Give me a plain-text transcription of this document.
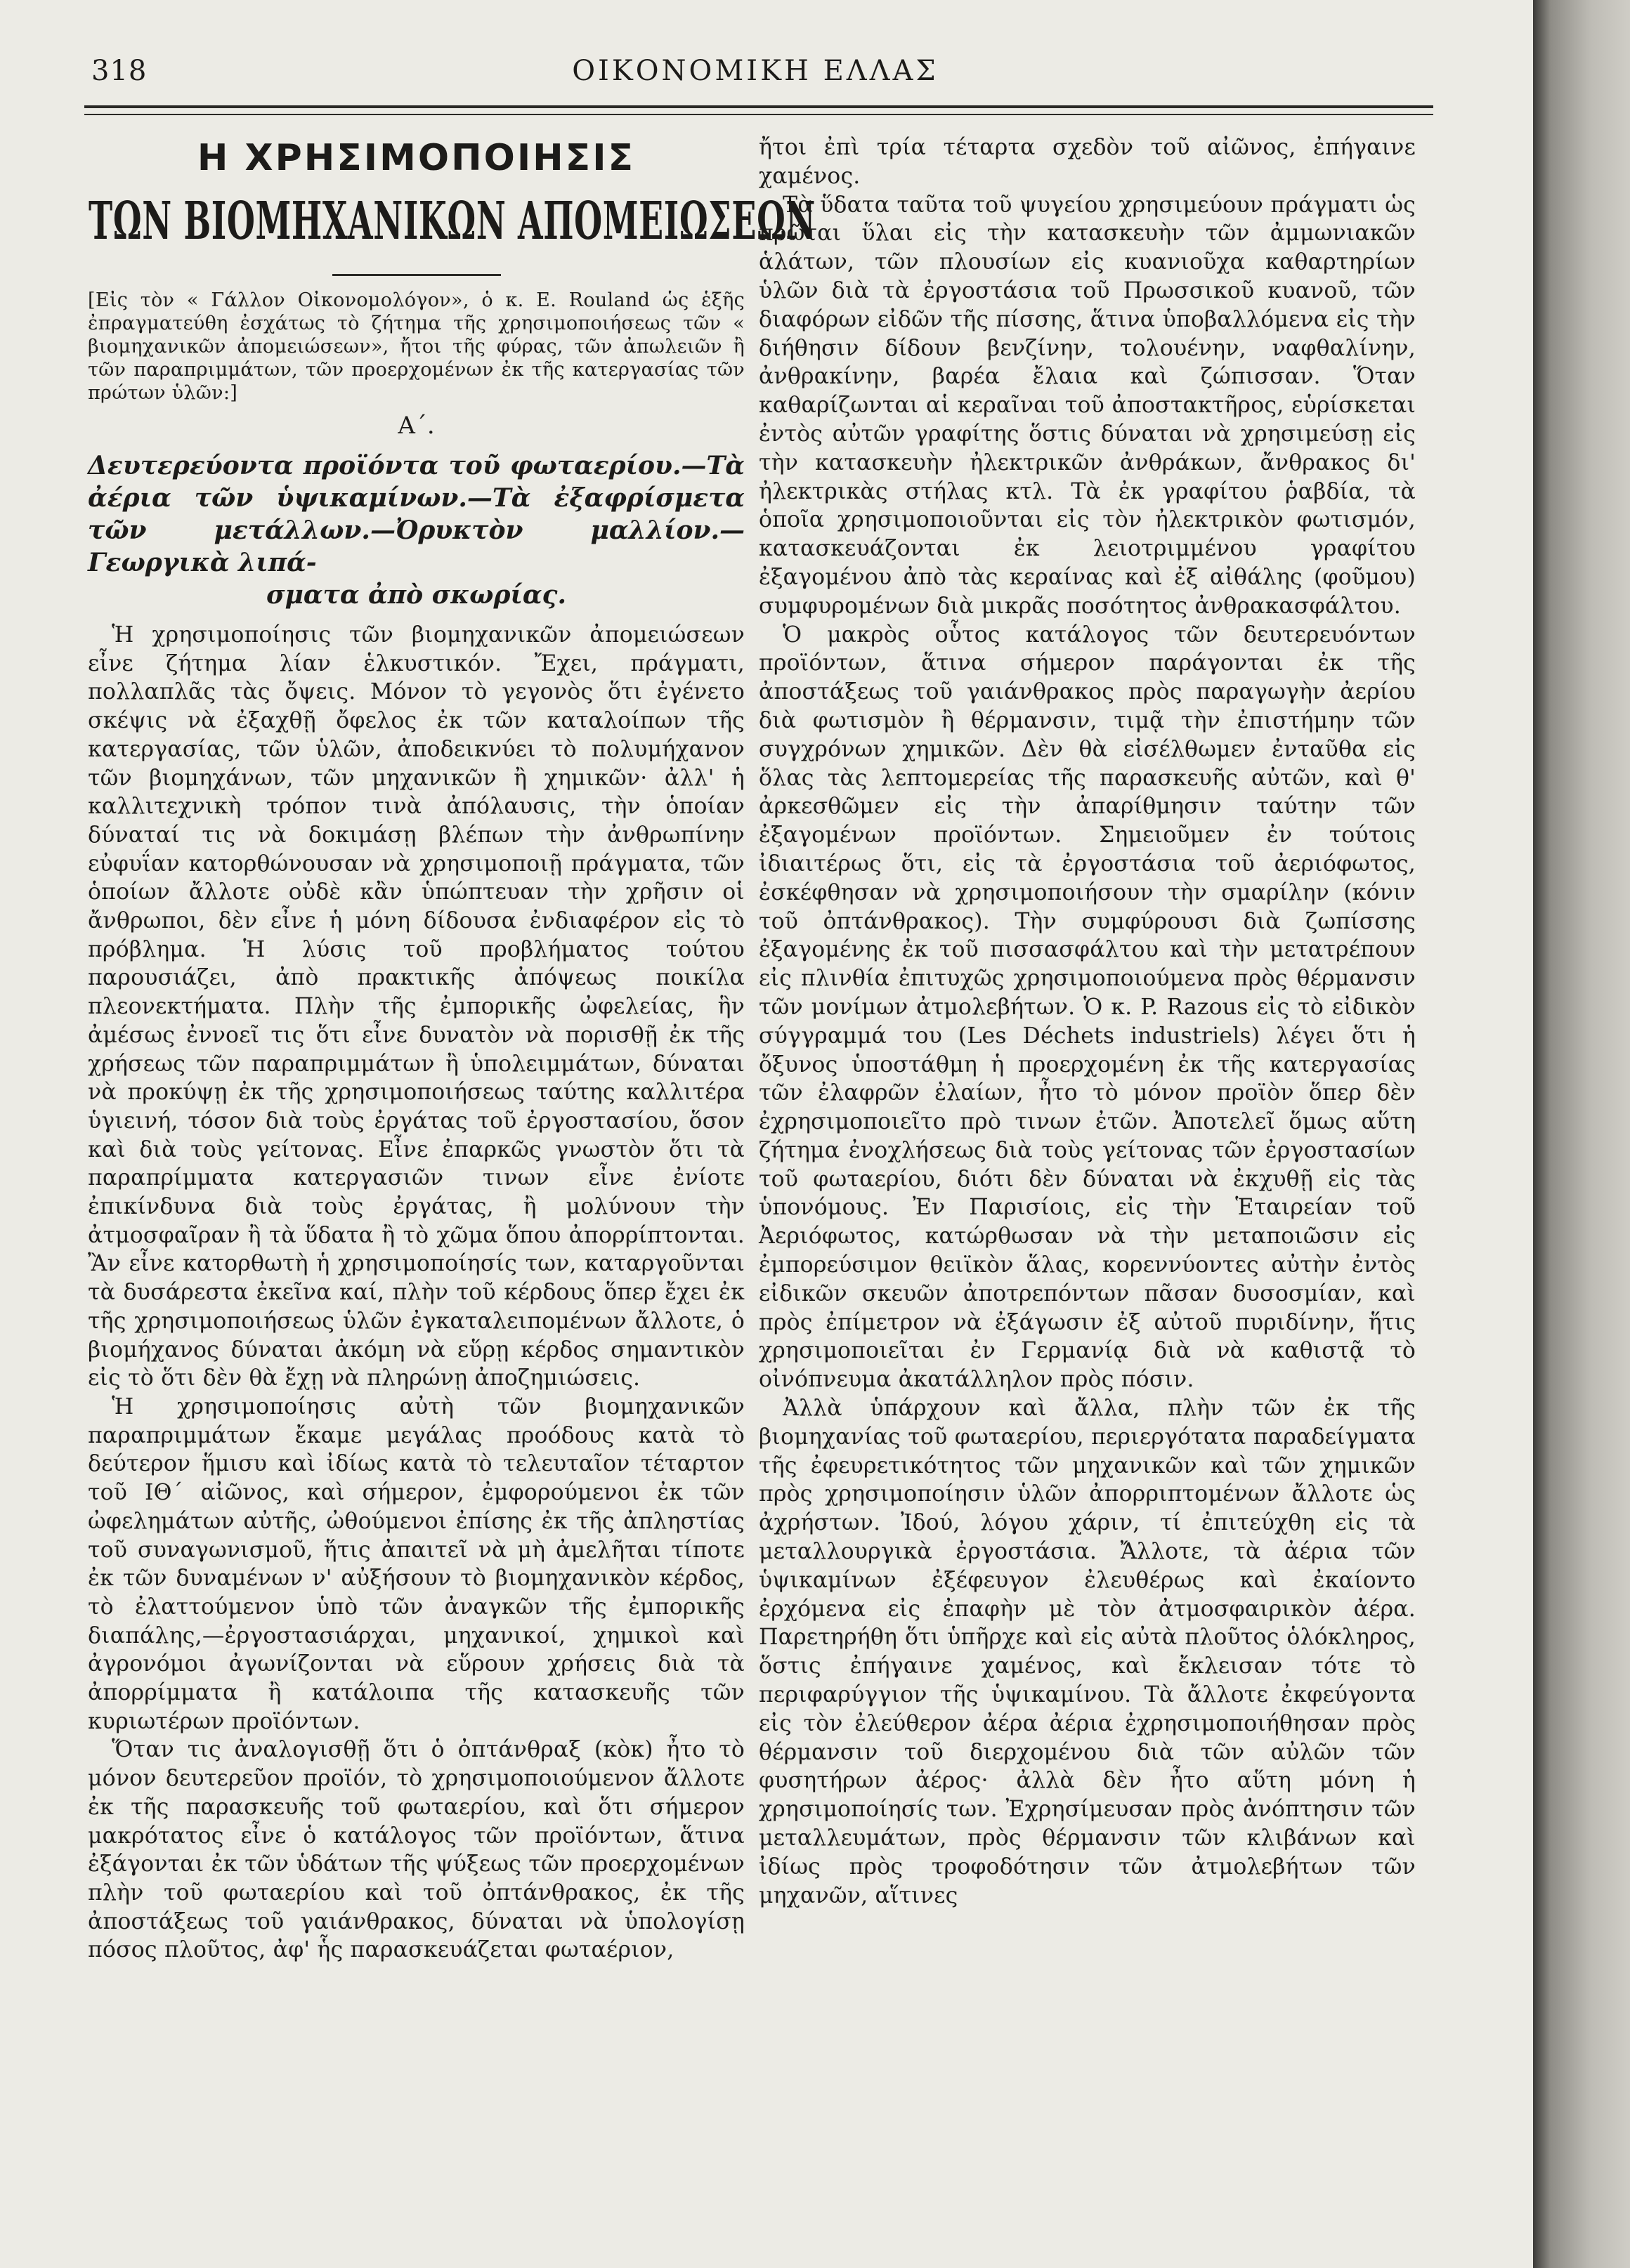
318	ΟΙΚΟΝΟΜΙΚΗ ΕΛΛΑΣ
Η ΧΡΗΣΙΜΟΠΟΙΗΣΙΣ
ΤΩΝ ΒΙΟΜΗΧΑΝΙΚΩΝ ΑΠΟΜΕΙΩΣΕΩΝ

[Εἰς τὸν « Γάλλον Οἰκονομολόγον», ὁ κ. E. Rouland ὡς ἑξῆς ἐπραγματεύθη ἐσχάτως τὸ ζήτημα τῆς χρησιμοποιήσεως τῶν « βιομηχανικῶν ἀπομειώσεων», ἤτοι τῆς φύρας, τῶν ἀπωλειῶν ἢ τῶν παραπριμμάτων, τῶν προερχομένων ἐκ τῆς κατεργασίας τῶν πρώτων ὑλῶν:]

Α΄.
Δευτερεύοντα προϊόντα τοῦ φωταερίου.—Τὰ ἀέρια τῶν ὑψικαμίνων.—Τὰ ἐξαφρίσμετα τῶν μετάλλων.—Ὀρυκτὸν μαλλίον.—Γεωργικὰ λιπά-
σματα ἀπὸ σκωρίας.

Ἡ χρησιμοποίησις τῶν βιομηχανικῶν ἀπομειώσεων εἶνε ζήτημα λίαν ἑλκυστικόν. Ἔχει, πράγματι, πολλαπλᾶς τὰς ὄψεις. Μόνον τὸ γεγονὸς ὅτι ἐγένετο σκέψις νὰ ἐξαχθῇ ὄφελος ἐκ τῶν καταλοίπων τῆς κατεργασίας, τῶν ὑλῶν, ἀποδεικνύει τὸ πολυμήχανον τῶν βιομηχάνων, τῶν μηχανικῶν ἢ χημικῶν· ἀλλ' ἡ καλλιτεχνικὴ τρόπον τινὰ ἀπόλαυσις, τὴν ὁποίαν δύναταί τις νὰ δοκιμάσῃ βλέπων τὴν ἀνθρωπίνην εὐφυΐαν κατορθώνουσαν νὰ χρησιμοποιῇ πράγματα, τῶν ὁποίων ἄλλοτε οὐδὲ κἂν ὑπώπτευαν τὴν χρῆσιν οἱ ἄνθρωποι, δὲν εἶνε ἡ μόνη δίδουσα ἐνδιαφέρον εἰς τὸ πρόβλημα. Ἡ λύσις τοῦ προβλήματος τούτου παρουσιάζει, ἀπὸ πρακτικῆς ἀπόψεως ποικίλα πλεονεκτήματα. Πλὴν τῆς ἐμπορικῆς ὠφελείας, ἣν ἀμέσως ἐννοεῖ τις ὅτι εἶνε δυνατὸν νὰ πορισθῇ ἐκ τῆς χρήσεως τῶν παραπριμμάτων ἢ ὑπολειμμάτων, δύναται νὰ προκύψῃ ἐκ τῆς χρησιμοποιήσεως ταύτης καλλιτέρα ὑγιεινή, τόσον διὰ τοὺς ἐργάτας τοῦ ἐργοστασίου, ὅσον καὶ διὰ τοὺς γείτονας. Εἶνε ἐπαρκῶς γνωστὸν ὅτι τὰ παραπρίμματα κατεργασιῶν τινων εἶνε ἐνίοτε ἐπικίνδυνα διὰ τοὺς ἐργάτας, ἢ μολύνουν τὴν ἀτμοσφαῖραν ἢ τὰ ὕδατα ἢ τὸ χῶμα ὅπου ἀπορρίπτονται. Ἂν εἶνε κατορθωτὴ ἡ χρησιμοποίησίς των, καταργοῦνται τὰ δυσάρεστα ἐκεῖνα καί, πλὴν τοῦ κέρδους ὅπερ ἔχει ἐκ τῆς χρησιμοποιήσεως ὑλῶν ἐγκαταλειπομένων ἄλλοτε, ὁ βιομήχανος δύναται ἀκόμη νὰ εὕρῃ κέρδος σημαντικὸν εἰς τὸ ὅτι δὲν θὰ ἔχῃ νὰ πληρώνῃ ἀποζημιώσεις.

Ἡ χρησιμοποίησις αὐτὴ τῶν βιομηχανικῶν παραπριμμάτων ἔκαμε μεγάλας προόδους κατὰ τὸ δεύτερον ἥμισυ καὶ ἰδίως κατὰ τὸ τελευταῖον τέταρτον τοῦ ΙΘ΄ αἰῶνος, καὶ σήμερον, ἐμφορούμενοι ἐκ τῶν ὠφελημάτων αὐτῆς, ὠθούμενοι ἐπίσης ἐκ τῆς ἀπληστίας τοῦ συναγωνισμοῦ, ἥτις ἀπαιτεῖ νὰ μὴ ἀμελῆται τίποτε ἐκ τῶν δυναμένων ν' αὐξήσουν τὸ βιομηχανικὸν κέρδος, τὸ ἐλαττούμενον ὑπὸ τῶν ἀναγκῶν τῆς ἐμπορικῆς διαπάλης,—ἐργοστασιάρχαι, μηχανικοί, χημικοὶ καὶ ἀγρονόμοι ἀγωνίζονται νὰ εὕρουν χρήσεις διὰ τὰ ἀπορρίμματα ἢ κατάλοιπα τῆς κατασκευῆς τῶν κυριωτέρων προϊόντων.

Ὅταν τις ἀναλογισθῇ ὅτι ὁ ὀπτάνθραξ (κὸκ) ἦτο τὸ μόνον δευτερεῦον προϊόν, τὸ χρησιμοποιούμενον ἄλλοτε ἐκ τῆς παρασκευῆς τοῦ φωταερίου, καὶ ὅτι σήμερον μακρότατος εἶνε ὁ κατάλογος τῶν προϊόντων, ἅτινα ἐξάγονται ἐκ τῶν ὑδάτων τῆς ψύξεως τῶν προερχομένων πλὴν τοῦ φωταερίου καὶ τοῦ ὀπτάνθρακος, ἐκ τῆς ἀποστάξεως τοῦ γαιάνθρακος, δύναται νὰ ὑπολογίσῃ πόσος πλοῦτος, ἀφ' ἧς παρασκευάζεται φωταέριον,

ἤτοι ἐπὶ τρία τέταρτα σχεδὸν τοῦ αἰῶνος, ἐπήγαινε χαμένος.

Τὰ ὕδατα ταῦτα τοῦ ψυγείου χρησιμεύουν πράγματι ὡς πρῶται ὕλαι εἰς τὴν κατασκευὴν τῶν ἀμμωνιακῶν ἁλάτων, τῶν πλουσίων εἰς κυανιοῦχα καθαρτηρίων ὑλῶν διὰ τὰ ἐργοστάσια τοῦ Πρωσσικοῦ κυανοῦ, τῶν διαφόρων εἰδῶν τῆς πίσσης, ἅτινα ὑποβαλλόμενα εἰς τὴν διήθησιν δίδουν βενζίνην, τολουένην, ναφθαλίνην, ἀνθρακίνην, βαρέα ἔλαια καὶ ζώπισσαν. Ὅταν καθαρίζωνται αἱ κεραῖναι τοῦ ἀποστακτῆρος, εὑρίσκεται ἐντὸς αὐτῶν γραφίτης ὅστις δύναται νὰ χρησιμεύσῃ εἰς τὴν κατασκευὴν ἠλεκτρικῶν ἀνθράκων, ἄνθρακος δι' ἠλεκτρικὰς στήλας κτλ. Τὰ ἐκ γραφίτου ῥαβδία, τὰ ὁποῖα χρησιμοποιοῦνται εἰς τὸν ἠλεκτρικὸν φωτισμόν, κατασκευάζονται ἐκ λειοτριμμένου γραφίτου ἐξαγομένου ἀπὸ τὰς κεραίνας καὶ ἐξ αἰθάλης (φοῦμου) συμφυρομένων διὰ μικρᾶς ποσότητος ἀνθρακασφάλτου.

Ὁ μακρὸς οὗτος κατάλογος τῶν δευτερευόντων προϊόντων, ἅτινα σήμερον παράγονται ἐκ τῆς ἀποστάξεως τοῦ γαιάνθρακος πρὸς παραγωγὴν ἀερίου διὰ φωτισμὸν ἢ θέρμανσιν, τιμᾷ τὴν ἐπιστήμην τῶν συγχρόνων χημικῶν. Δὲν θὰ εἰσέλθωμεν ἐνταῦθα εἰς ὅλας τὰς λεπτομερείας τῆς παρασκευῆς αὐτῶν, καὶ θ' ἀρκεσθῶμεν εἰς τὴν ἀπαρίθμησιν ταύτην τῶν ἐξαγομένων προϊόντων. Σημειοῦμεν ἐν τούτοις ἰδιαιτέρως ὅτι, εἰς τὰ ἐργοστάσια τοῦ ἀεριόφωτος, ἐσκέφθησαν νὰ χρησιμοποιήσουν τὴν σμαρίλην (κόνιν τοῦ ὀπτάνθρακος). Τὴν συμφύρουσι διὰ ζωπίσσης ἐξαγομένης ἐκ τοῦ πισσασφάλτου καὶ τὴν μετατρέπουν εἰς πλινθία ἐπιτυχῶς χρησιμοποιούμενα πρὸς θέρμανσιν τῶν μονίμων ἀτμολεβήτων. Ὁ κ. P. Razous εἰς τὸ εἰδικὸν σύγγραμμά του (Les Déchets industriels) λέγει ὅτι ἡ ὄξυνος ὑποστάθμη ἡ προερχομένη ἐκ τῆς κατεργασίας τῶν ἐλαφρῶν ἐλαίων, ἦτο τὸ μόνον προϊὸν ὅπερ δὲν ἐχρησιμοποιεῖτο πρὸ τινων ἐτῶν. Ἀποτελεῖ ὅμως αὕτη ζήτημα ἐνοχλήσεως διὰ τοὺς γείτονας τῶν ἐργοστασίων τοῦ φωταερίου, διότι δὲν δύναται νὰ ἐκχυθῇ εἰς τὰς ὑπονόμους. Ἐν Παρισίοις, εἰς τὴν Ἑταιρείαν τοῦ Ἀεριόφωτος, κατώρθωσαν νὰ τὴν μεταποιῶσιν εἰς ἐμπορεύσιμον θειϊκὸν ἅλας, κορεννύοντες αὐτὴν ἐντὸς εἰδικῶν σκευῶν ἀποτρεπόντων πᾶσαν δυσοσμίαν, καὶ πρὸς ἐπίμετρον νὰ ἐξάγωσιν ἐξ αὐτοῦ πυριδίνην, ἥτις χρησιμοποιεῖται ἐν Γερμανίᾳ διὰ νὰ καθιστᾷ τὸ οἰνόπνευμα ἀκατάλληλον πρὸς πόσιν.

Ἀλλὰ ὑπάρχουν καὶ ἄλλα, πλὴν τῶν ἐκ τῆς βιομηχανίας τοῦ φωταερίου, περιεργότατα παραδείγματα τῆς ἐφευρετικότητος τῶν μηχανικῶν καὶ τῶν χημικῶν πρὸς χρησιμοποίησιν ὑλῶν ἀπορριπτομένων ἄλλοτε ὡς ἀχρήστων. Ἰδού, λόγου χάριν, τί ἐπιτεύχθη εἰς τὰ μεταλλουργικὰ ἐργοστάσια. Ἄλλοτε, τὰ ἀέρια τῶν ὑψικαμίνων ἐξέφευγον ἐλευθέρως καὶ ἐκαίοντο ἐρχόμενα εἰς ἐπαφὴν μὲ τὸν ἀτμοσφαιρικὸν ἀέρα. Παρετηρήθη ὅτι ὑπῆρχε καὶ εἰς αὐτὰ πλοῦτος ὁλόκληρος, ὅστις ἐπήγαινε χαμένος, καὶ ἔκλεισαν τότε τὸ περιφαρύγγιον τῆς ὑψικαμίνου. Τὰ ἄλλοτε ἐκφεύγοντα εἰς τὸν ἐλεύθερον ἀέρα ἀέρια ἐχρησιμοποιήθησαν πρὸς θέρμανσιν τοῦ διερχομένου διὰ τῶν αὐλῶν τῶν φυσητήρων ἀέρος· ἀλλὰ δὲν ἦτο αὕτη μόνη ἡ χρησιμοποίησίς των. Ἐχρησίμευσαν πρὸς ἀνόπτησιν τῶν μεταλλευμάτων, πρὸς θέρμανσιν τῶν κλιβάνων καὶ ἰδίως πρὸς τροφοδότησιν τῶν ἀτμολεβήτων τῶν μηχανῶν, αἵτινες
